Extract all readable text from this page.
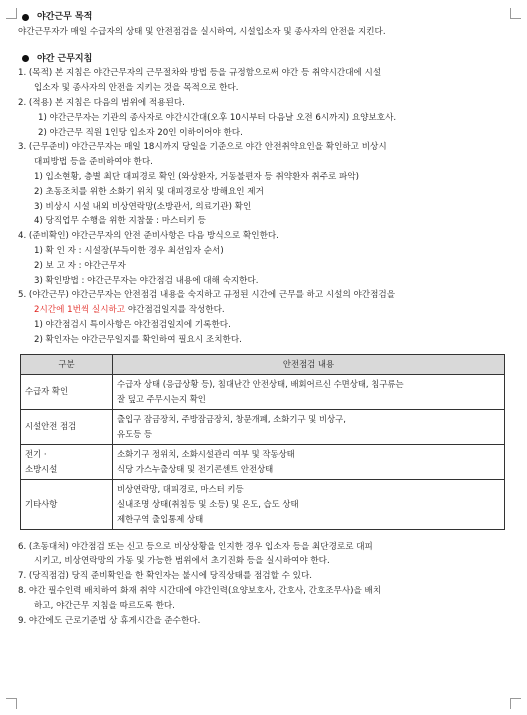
야간근무 목적
야간근무자가 매일 수급자의 상태 및 안전점검을 실시하여, 시설입소자 및 종사자의 안전을 지킨다.
야간 근무지침
1. (목적) 본 지침은 야간근무자의 근무절차와 방법 등을 규정함으로써 야간 등 취약시간대에 시설
입소자 및 종사자의 안전을 지키는 것을 목적으로 한다.
2. (적용) 본 지침은 다음의 범위에 적용된다.
1) 야간근무자는 기관의 종사자로 야간시간대(오후 10시부터 다음날 오전 6시까지) 요양보호사.
2) 야간근무 직원 1인당 입소자 20인 이하이어야 한다.
3. (근무준비) 야간근무자는 매일 18시까지 당일을 기준으로 야간 안전취약요인을 확인하고 비상시
대피방법 등을 준비하여야 한다.
1) 입소현황, 층별 최단 대피경로 확인 (와상환자, 거동불편자 등 취약환자 취주로 파악)
2) 초동조치를 위한 소화기 위치 및 대피경로상 방해요인 제거
3) 비상시 시설 내외 비상연락망(소방관서, 의료기관) 확인
4) 당직업무 수행을 위한 지참물 : 마스터키 등
4. (준비확인) 야간근무자의 안전 준비사항은 다음 방식으로 확인한다.
1) 확 인 자 : 시설장(부득이한 경우 최선임자 순서)
2) 보 고 자 : 야간근무자
3) 확인방법 : 야간근무자는 야간점검 내용에 대해 숙지한다.
5. (야간근무) 야간근무자는 안전점검 내용을 숙지하고 규정된 시간에 근무를 하고 시설의 야간점검을
2시간에 1번씩 실시하고 야간점검일지를 작성한다.
1) 야간점검시 특이사항은 야간점검일지에 기록한다.
2) 확인자는 야간근무일지를 확인하여 필요시 조치한다.
구분	안전점검 내용

수급자 확인	수급자 상태 (응급상황 등), 침대난간 안전상태, 배회어르신 수면상태, 침구류는
잘 덮고 주무시는지 확인

시설안전 점검	출입구 잠금장치, 주방잠금장치, 창문개폐, 소화기구 및 비상구,
유도등 등

전기 ·
소방시설	소화기구 정위치, 소화시설관리 여부 및 작동상태
식당 가스누출상태 및 전기콘센트 안전상태

기타사항	비상연락망, 대피경로, 마스터 키등
실내조명 상태(취침등 및 소등) 및 온도, 습도 상태
제한구역 출입통제 상태
6. (초동대처) 야간점검 또는 신고 등으로 비상상황을 인지한 경우 입소자 등을 최단경로로 대피
시키고, 비상연락망의 가동 및 가능한 범위에서 초기진화 등을 실시하여야 한다.
7. (당직점검) 당직 준비확인을 한 확인자는 불시에 당직상태를 점검할 수 있다.
8. 야간 필수인력 배치하여 화재 취약 시간대에 야간인력(요양보호사, 간호사, 간호조무사)을 배치
하고, 야간근무 지침을 따르도록 한다.
9. 야간에도 근로기준법 상 휴게시간을 준수한다.
